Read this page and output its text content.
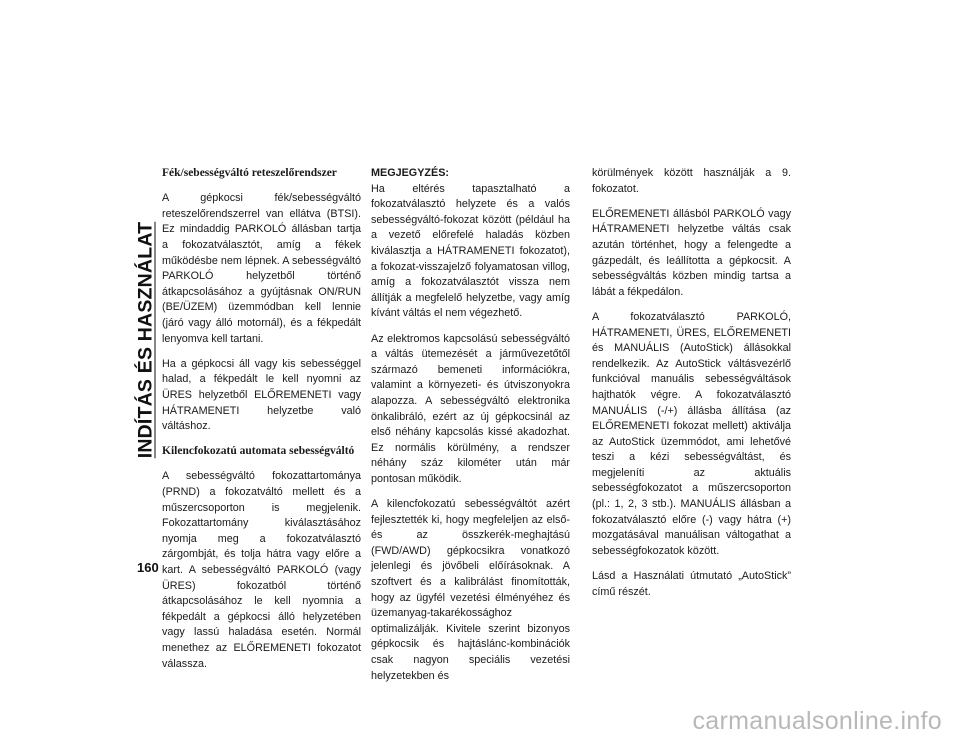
INDÍTÁS ÉS HASZNÁLAT
Fék/sebességváltó reteszelőrendszer

A gépkocsi fék/sebességváltó reteszelőrendszerrel van ellátva (BTSI). Ez mindaddig PARKOLÓ állásban tartja a fokozatválasztót, amíg a fékek működésbe nem lépnek. A sebességváltó PARKOLÓ helyzetből történő átkapcsolásához a gyújtásnak ON/RUN (BE/ÜZEM) üzemmódban kell lennie (járó vagy álló motornál), és a fékpedált lenyomva kell tartani.

Ha a gépkocsi áll vagy kis sebességgel halad, a fékpedált le kell nyomni az ÜRES helyzetből ELŐREMENETI vagy HÁTRAMENETI helyzetbe való váltáshoz.

Kilencfokozatú automata sebességváltó

A sebességváltó fokozattartománya (PRND) a fokozatváltó mellett és a műszercsoporton is megjelenik. Fokozattartomány kiválasztásához nyomja meg a fokozatválasztó zárgombját, és tolja hátra vagy előre a kart. A sebességváltó PARKOLÓ (vagy ÜRES) fokozatból történő átkapcsolásához le kell nyomnia a fékpedált a gépkocsi álló helyzetében vagy lassú haladása esetén. Normál menethez az ELŐREMENETI fokozatot válassza.

MEGJEGYZÉS:

Ha eltérés tapasztalható a fokozatválasztó helyzete és a valós sebességváltó-fokozat között (például ha a vezető előrefelé haladás közben kiválasztja a HÁTRAMENETI fokozatot), a fokozat-visszajelző folyamatosan villog, amíg a fokozatválasztót vissza nem állítják a megfelelő helyzetbe, vagy amíg kívánt váltás el nem végezhető.

Az elektromos kapcsolású sebességváltó a váltás ütemezését a járművezetőtől származó bemeneti információkra, valamint a környezeti- és útviszonyokra alapozza. A sebességváltó elektronika önkalibráló, ezért az új gépkocsinál az első néhány kapcsolás kissé akadozhat. Ez normális körülmény, a rendszer néhány száz kilométer után már pontosan működik.

A kilencfokozatú sebességváltót azért fejlesztették ki, hogy megfeleljen az első- és az összkerék-meghajtású (FWD/AWD) gépkocsikra vonatkozó jelenlegi és jövőbeli előírásoknak. A szoftvert és a kalibrálást finomították, hogy az ügyfél vezetési élményéhez és üzemanyag-takarékossághoz optimalizálják. Kivitele szerint bizonyos gépkocsik és hajtáslánc-kombinációk csak nagyon speciális vezetési helyzetekben és

körülmények között használják a 9. fokozatot.

ELŐREMENETI állásból PARKOLÓ vagy HÁTRAMENETI helyzetbe váltás csak azután történhet, hogy a felengedte a gázpedált, és leállította a gépkocsit. A sebességváltás közben mindig tartsa a lábát a fékpedálon.

A fokozatválasztó PARKOLÓ, HÁTRAMENETI, ÜRES, ELŐREMENETI és MANUÁLIS (AutoStick) állásokkal rendelkezik. Az AutoStick váltásvezérlő funkcióval manuális sebességváltások hajthatók végre. A fokozatválasztó MANUÁLIS (-/+) állásba állítása (az ELŐREMENETI fokozat mellett) aktiválja az AutoStick üzemmódot, ami lehetővé teszi a kézi sebességváltást, és megjeleníti az aktuális sebességfokozatot a műszercsoporton (pl.: 1, 2, 3 stb.). MANUÁLIS állásban a fokozatválasztó előre (-) vagy hátra (+) mozgatásával manuálisan váltogathat a sebességfokozatok között.

Lásd a Használati útmutató „AutoStick” című részét.

160
carmanualsonline.info
